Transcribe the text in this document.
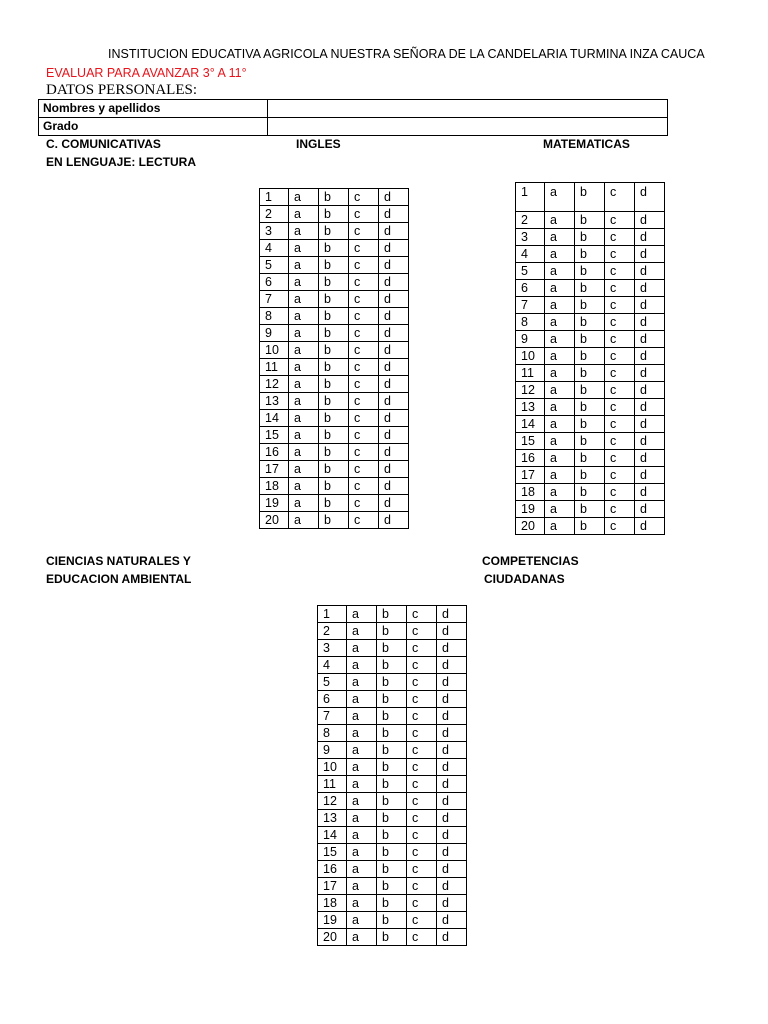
INSTITUCION EDUCATIVA AGRICOLA NUESTRA SEÑORA DE LA CANDELARIA TURMINA INZA CAUCA
EVALUAR PARA AVANZAR 3° A 11°
DATOS PERSONALES:
Nombres y apellidos	
Grado	
C. COMUNICATIVAS
EN LENGUAJE: LECTURA
INGLES	MATEMATICAS
1	a	b	c	d
2	a	b	c	d
3	a	b	c	d
4	a	b	c	d
5	a	b	c	d
6	a	b	c	d
7	a	b	c	d
8	a	b	c	d
9	a	b	c	d
10	a	b	c	d
11	a	b	c	d
12	a	b	c	d
13	a	b	c	d
14	a	b	c	d
15	a	b	c	d
16	a	b	c	d
17	a	b	c	d
18	a	b	c	d
19	a	b	c	d
20	a	b	c	d
1	a	b	c	d
2	a	b	c	d
3	a	b	c	d
4	a	b	c	d
5	a	b	c	d
6	a	b	c	d
7	a	b	c	d
8	a	b	c	d
9	a	b	c	d
10	a	b	c	d
11	a	b	c	d
12	a	b	c	d
13	a	b	c	d
14	a	b	c	d
15	a	b	c	d
16	a	b	c	d
17	a	b	c	d
18	a	b	c	d
19	a	b	c	d
20	a	b	c	d
CIENCIAS NATURALES Y
EDUCACION AMBIENTAL
COMPETENCIAS
CIUDADANAS
1	a	b	c	d
2	a	b	c	d
3	a	b	c	d
4	a	b	c	d
5	a	b	c	d
6	a	b	c	d
7	a	b	c	d
8	a	b	c	d
9	a	b	c	d
10	a	b	c	d
11	a	b	c	d
12	a	b	c	d
13	a	b	c	d
14	a	b	c	d
15	a	b	c	d
16	a	b	c	d
17	a	b	c	d
18	a	b	c	d
19	a	b	c	d
20	a	b	c	d
